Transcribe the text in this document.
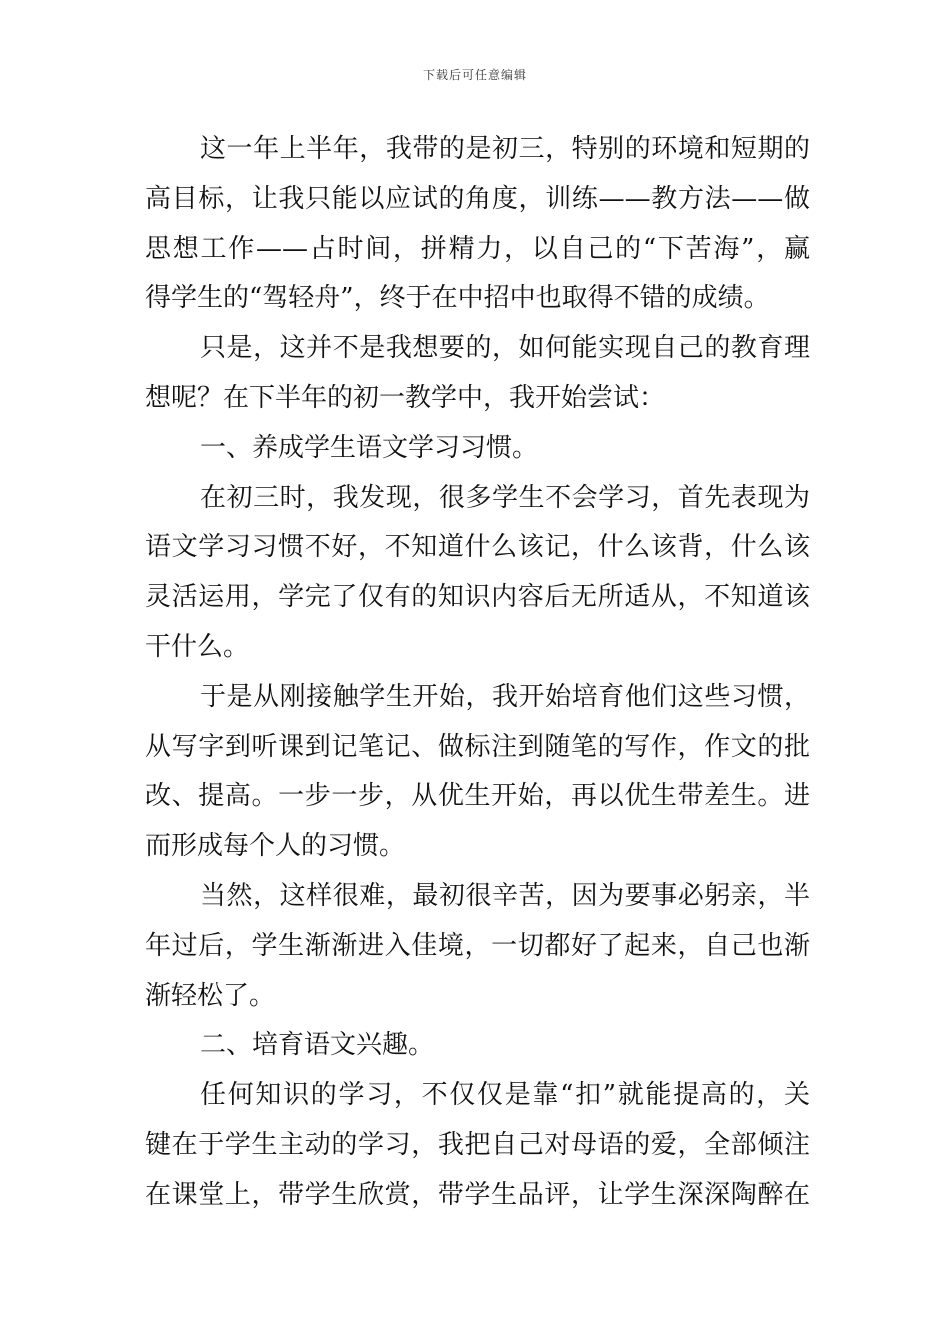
下载后可任意编辑
这一年上半年，我带的是初三，特别的环境和短期的
高目标，让我只能以应试的角度，训练——教方法——做
思想工作——占时间，拼精力，以自己的“下苦海”，赢
得学生的“驾轻舟”，终于在中招中也取得不错的成绩。
只是，这并不是我想要的，如何能实现自己的教育理
想呢？在下半年的初一教学中，我开始尝试：
一、养成学生语文学习习惯。
在初三时，我发现，很多学生不会学习，首先表现为
语文学习习惯不好，不知道什么该记，什么该背，什么该
灵活运用，学完了仅有的知识内容后无所适从，不知道该
干什么。
于是从刚接触学生开始，我开始培育他们这些习惯，
从写字到听课到记笔记、做标注到随笔的写作，作文的批
改、提高。一步一步，从优生开始，再以优生带差生。进
而形成每个人的习惯。
当然，这样很难，最初很辛苦，因为要事必躬亲，半
年过后，学生渐渐进入佳境，一切都好了起来，自己也渐
渐轻松了。
二、培育语文兴趣。
任何知识的学习，不仅仅是靠“扣”就能提高的，关
键在于学生主动的学习，我把自己对母语的爱，全部倾注
在课堂上，带学生欣赏，带学生品评，让学生深深陶醉在
